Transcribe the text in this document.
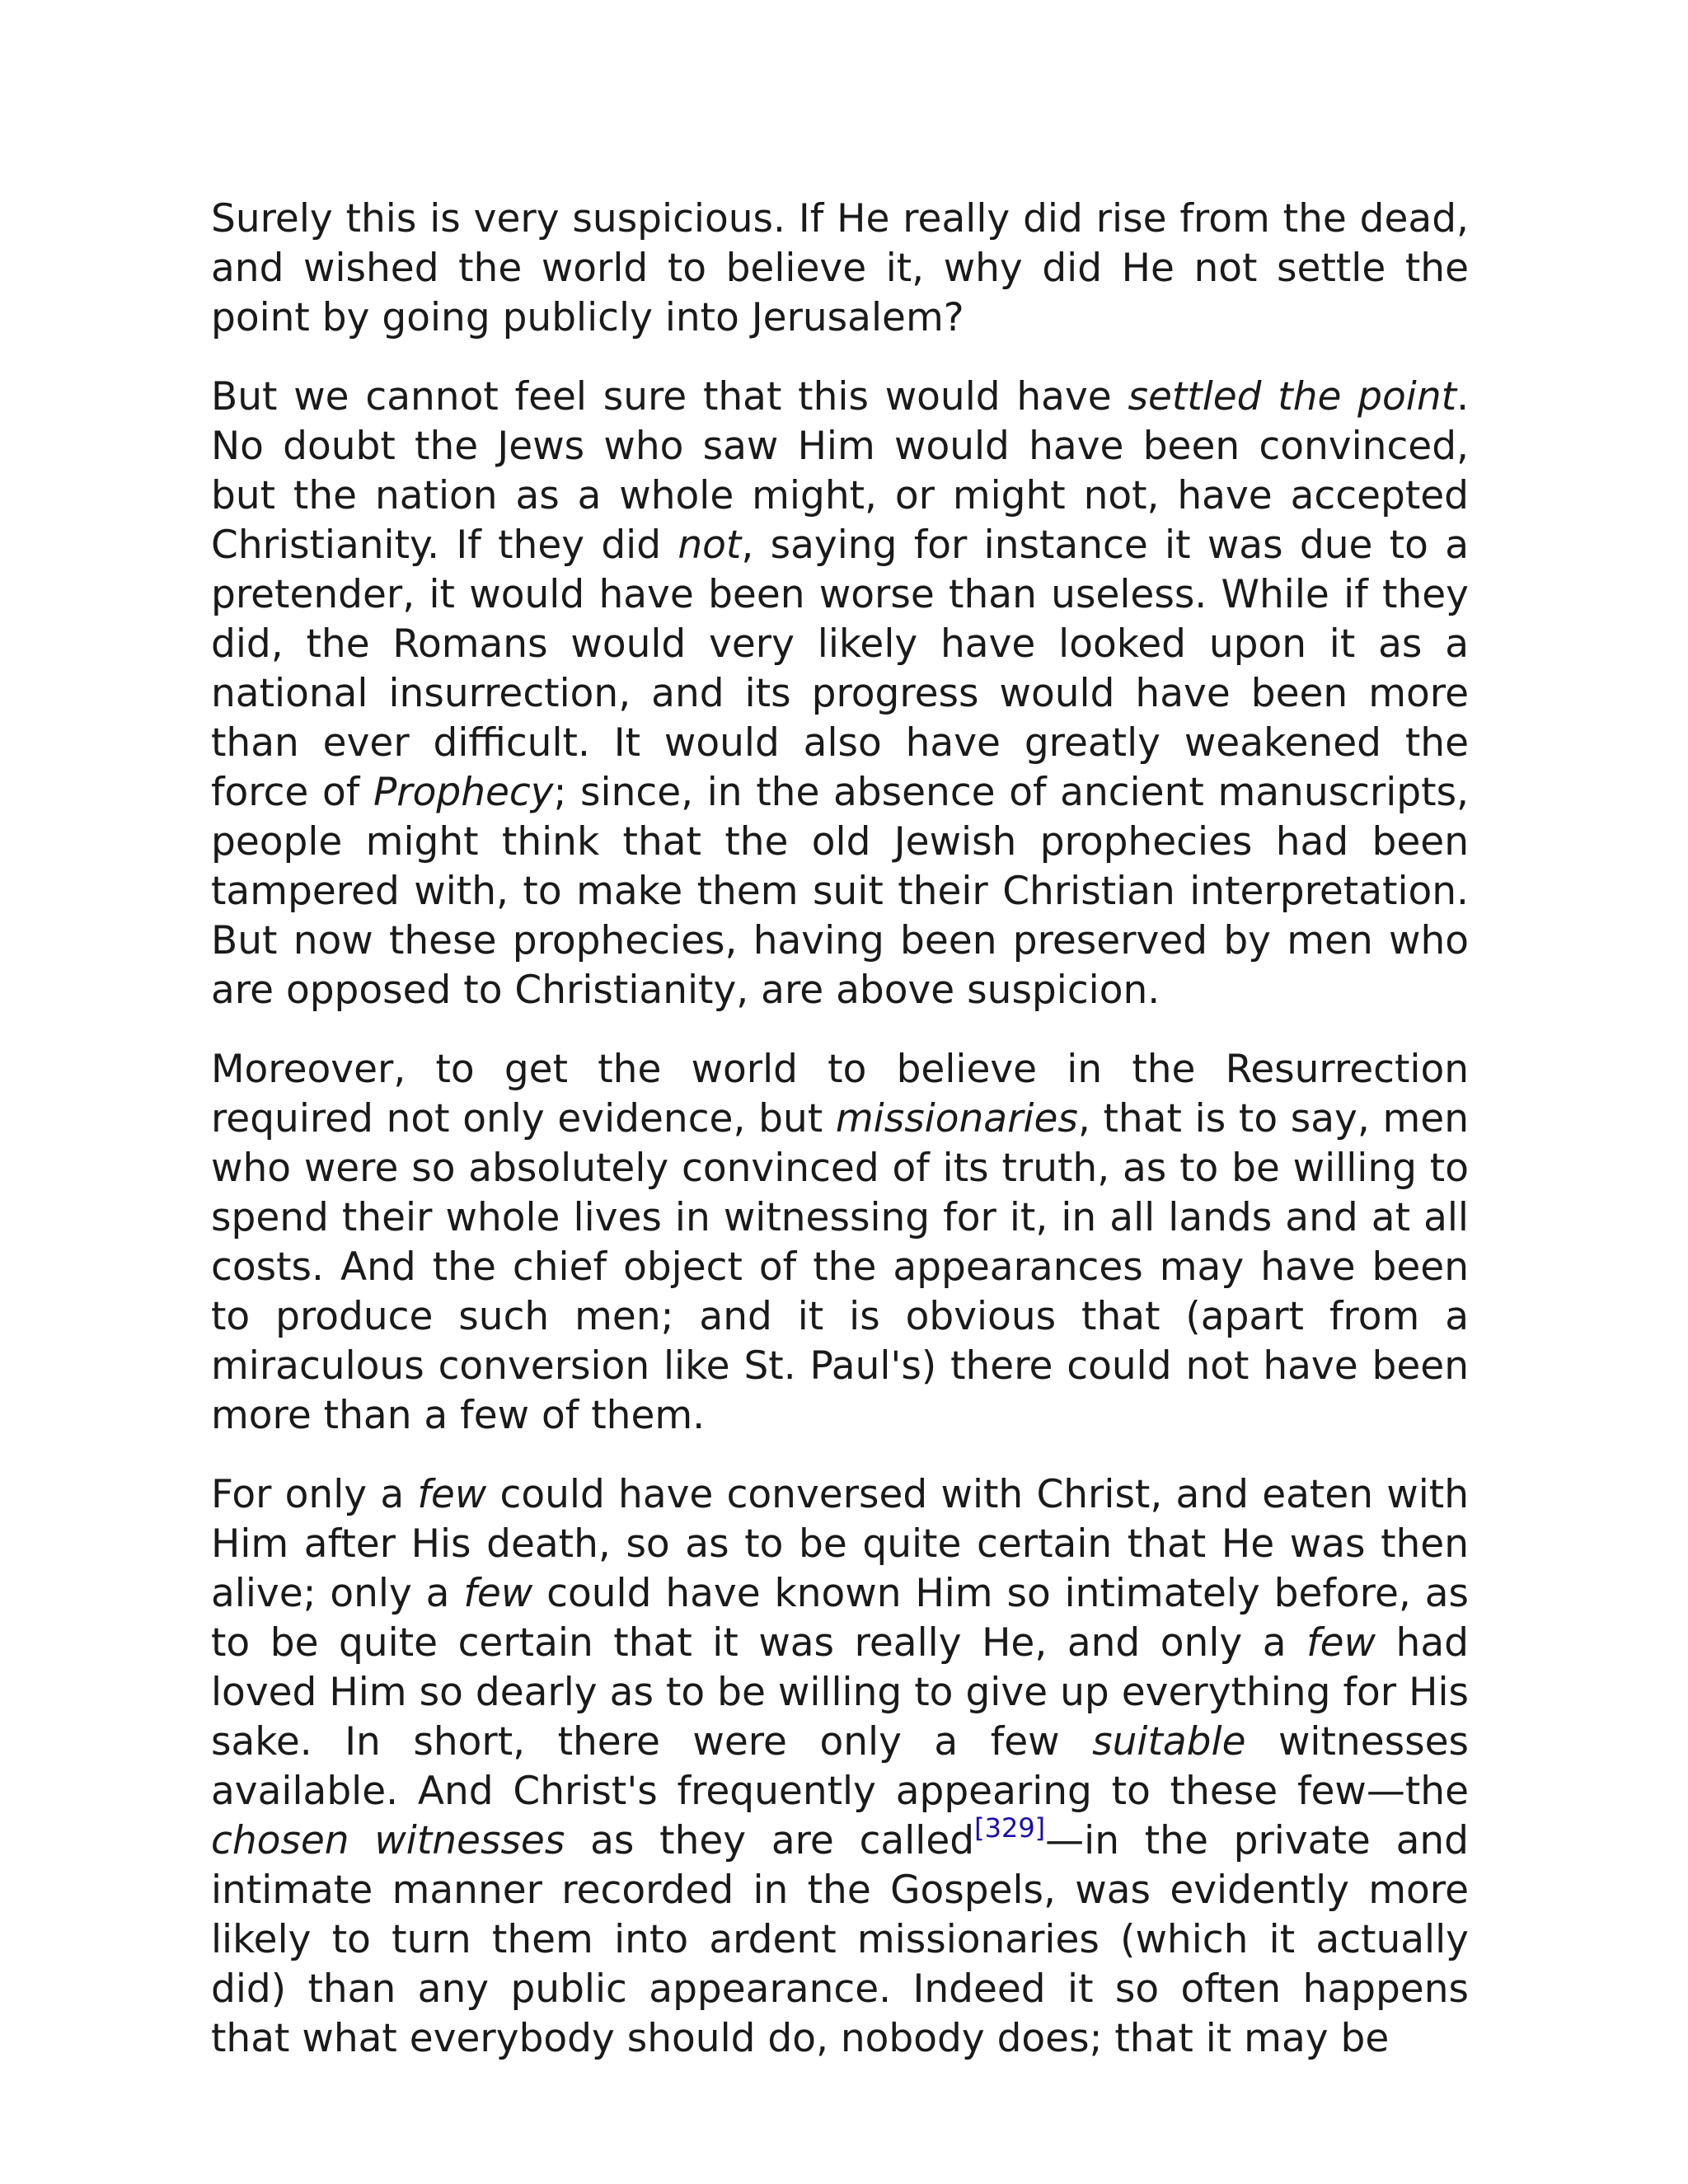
Surely this is very suspicious. If He really did rise from the dead, and wished the world to believe it, why did He not settle the point by going publicly into Jerusalem?

But we cannot feel sure that this would have settled the point. No doubt the Jews who saw Him would have been convinced, but the nation as a whole might, or might not, have accepted Christianity. If they did not, saying for instance it was due to a pretender, it would have been worse than useless. While if they did, the Romans would very likely have looked upon it as a national insurrection, and its progress would have been more than ever difficult. It would also have greatly weakened the force of Prophecy; since, in the absence of ancient manuscripts, people might think that the old Jewish prophecies had been tampered with, to make them suit their Christian interpretation. But now these prophecies, having been preserved by men who are opposed to Christianity, are above suspicion.

Moreover, to get the world to believe in the Resurrection required not only evidence, but missionaries, that is to say, men who were so absolutely convinced of its truth, as to be willing to spend their whole lives in witnessing for it, in all lands and at all costs. And the chief object of the appearances may have been to produce such men; and it is obvious that (apart from a miraculous conversion like St. Paul's) there could not have been more than a few of them.

For only a few could have conversed with Christ, and eaten with Him after His death, so as to be quite certain that He was then alive; only a few could have known Him so intimately before, as to be quite certain that it was really He, and only a few had loved Him so dearly as to be willing to give up everything for His sake. In short, there were only a few suitable witnesses available. And Christ's frequently appearing to these few—the chosen witnesses as they are called[329]—in the private and intimate manner recorded in the Gospels, was evidently more likely to turn them into ardent missionaries (which it actually did) than any public appearance. Indeed it so often happens that what everybody should do, nobody does; that it may be
